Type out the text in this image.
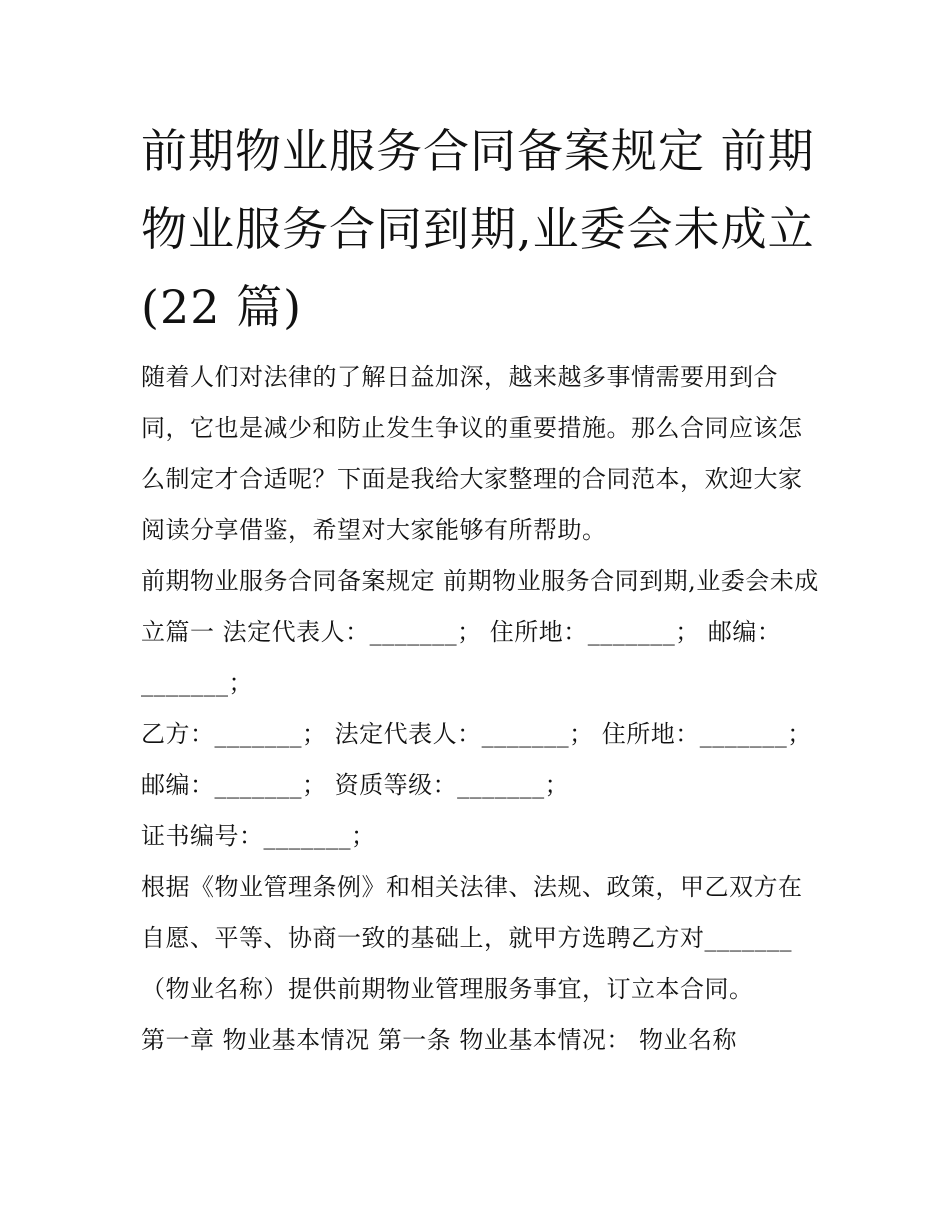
前期物业服务合同备案规定 前期物业服务合同到期,业委会未成立(22 篇)

随着人们对法律的了解日益加深，越来越多事情需要用到合同，它也是减少和防止发生争议的重要措施。那么合同应该怎么制定才合适呢？下面是我给大家整理的合同范本，欢迎大家阅读分享借鉴，希望对大家能够有所帮助。

前期物业服务合同备案规定 前期物业服务合同到期,业委会未成立篇一 法定代表人：_______； 住所地：_______； 邮编：_______；

乙方：_______； 法定代表人：_______； 住所地：_______； 邮编：_______； 资质等级：_______；

证书编号：_______；

根据《物业管理条例》和相关法律、法规、政策，甲乙双方在自愿、平等、协商一致的基础上，就甲方选聘乙方对_______（物业名称）提供前期物业管理服务事宜，订立本合同。

第一章 物业基本情况 第一条 物业基本情况： 物业名称
